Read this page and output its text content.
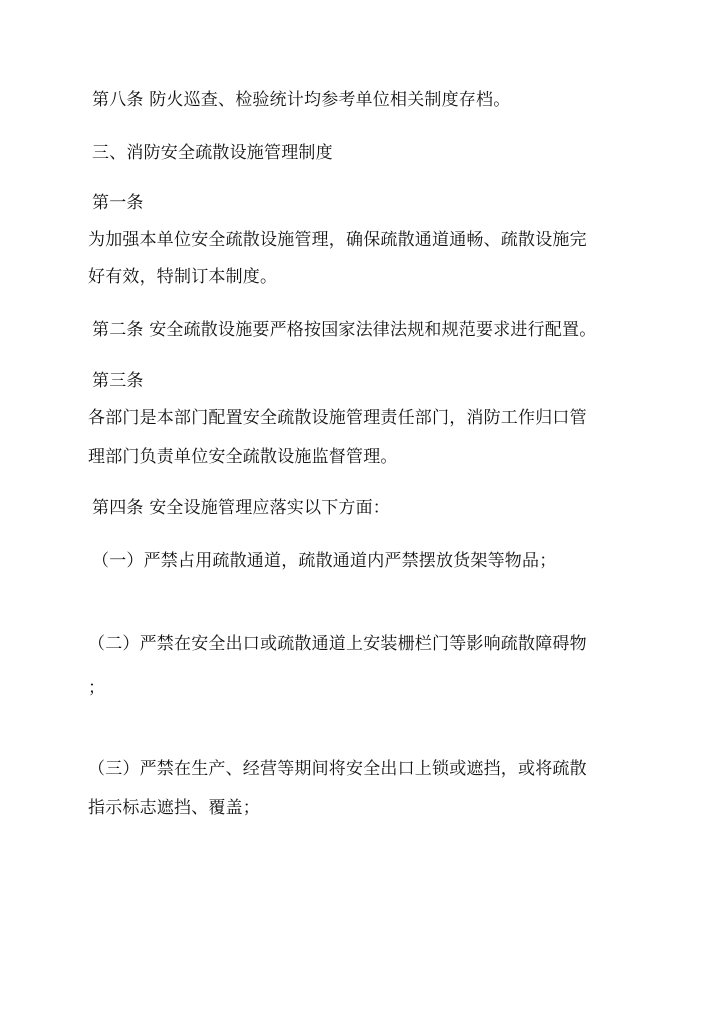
第八条 防火巡查、检验统计均参考单位相关制度存档。
三、消防安全疏散设施管理制度
第一条
为加强本单位安全疏散设施管理，确保疏散通道通畅、疏散设施完
好有效，特制订本制度。
第二条 安全疏散设施要严格按国家法律法规和规范要求进行配置。
第三条
各部门是本部门配置安全疏散设施管理责任部门，消防工作归口管
理部门负责单位安全疏散设施监督管理。
第四条 安全设施管理应落实以下方面：
（一）严禁占用疏散通道，疏散通道内严禁摆放货架等物品；
（二）严禁在安全出口或疏散通道上安装栅栏门等影响疏散障碍物
；
（三）严禁在生产、经营等期间将安全出口上锁或遮挡，或将疏散
指示标志遮挡、覆盖；
